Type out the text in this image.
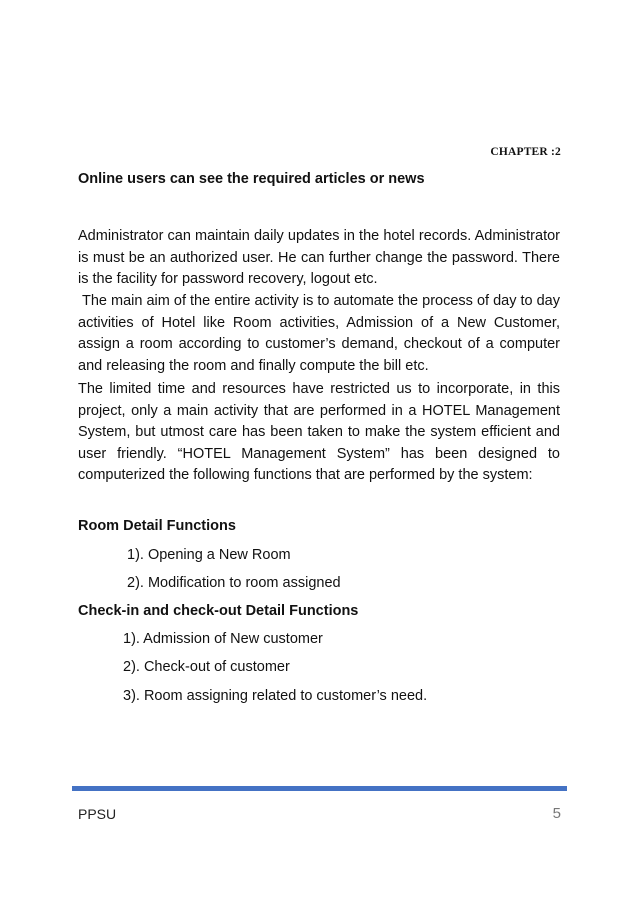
CHAPTER :2
Online users can see the required articles or news

Administrator can maintain daily updates in the hotel records. Administrator is must be an authorized user. He can further change the password. There is the facility for password recovery, logout etc.

The main aim of the entire activity is to automate the process of day to day activities of Hotel like Room activities, Admission of a New Customer, assign a room according to customer’s demand, checkout of a computer and releasing the room and finally compute the bill etc.

The limited time and resources have restricted us to incorporate, in this project, only a main activity that are performed in a HOTEL Management System, but utmost care has been taken to make the system efficient and user friendly. “HOTEL Management System” has been designed to computerized the following functions that are performed by the system:

Room Detail Functions
1). Opening a New Room
2). Modification to room assigned
Check-in and check-out Detail Functions
1). Admission of New customer
2). Check-out of customer
3). Room assigning related to customer’s need.
PPSU	5
